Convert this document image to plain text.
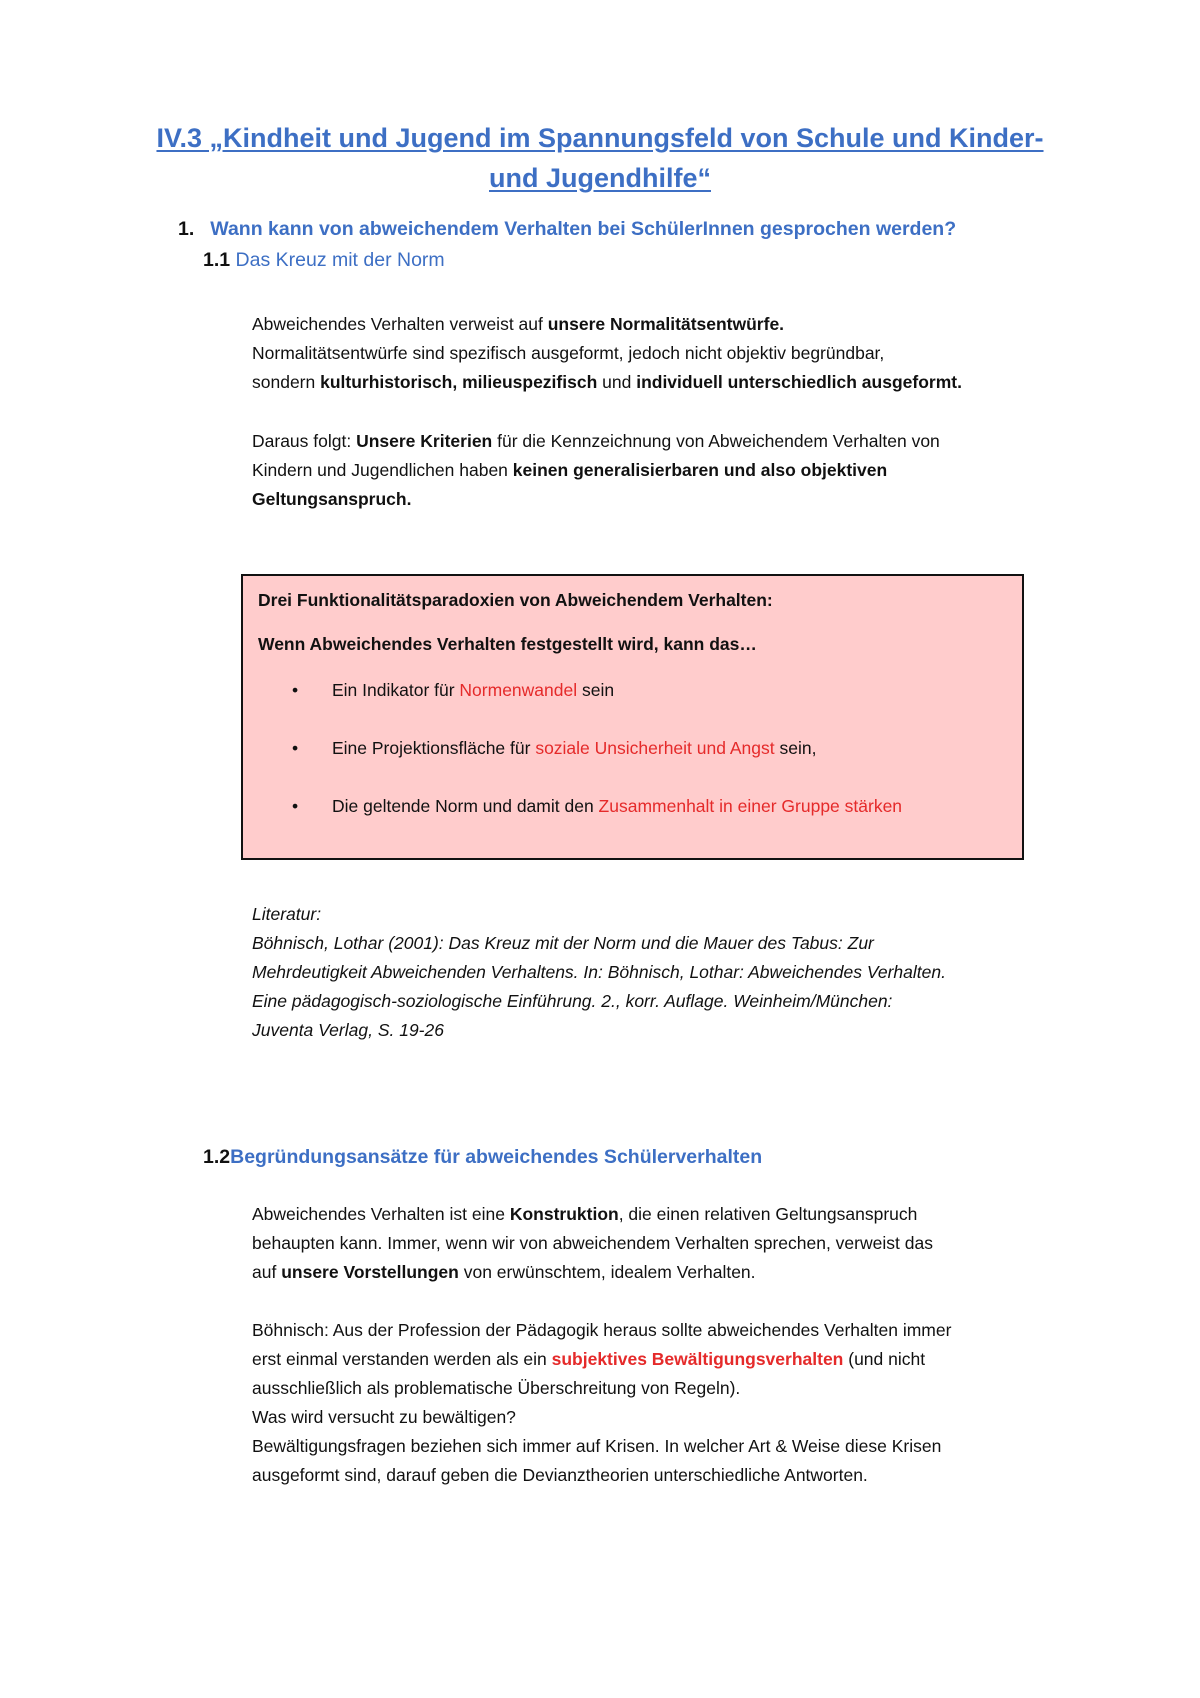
IV.3 „Kindheit und Jugend im Spannungsfeld von Schule und Kinder-
und Jugendhilfe“
1. Wann kann von abweichendem Verhalten bei SchülerInnen gesprochen werden?
1.1 Das Kreuz mit der Norm
Abweichendes Verhalten verweist auf unsere Normalitätsentwürfe.
Normalitätsentwürfe sind spezifisch ausgeformt, jedoch nicht objektiv begründbar,
sondern kulturhistorisch, milieuspezifisch und individuell unterschiedlich ausgeformt.
Daraus folgt: Unsere Kriterien für die Kennzeichnung von Abweichendem Verhalten von
Kindern und Jugendlichen haben keinen generalisierbaren und also objektiven
Geltungsanspruch.
Drei Funktionalitätsparadoxien von Abweichendem Verhalten:
Wenn Abweichendes Verhalten festgestellt wird, kann das…
• Ein Indikator für Normenwandel sein
• Eine Projektionsfläche für soziale Unsicherheit und Angst sein,
• Die geltende Norm und damit den Zusammenhalt in einer Gruppe stärken
Literatur:
Böhnisch, Lothar (2001): Das Kreuz mit der Norm und die Mauer des Tabus: Zur
Mehrdeutigkeit Abweichenden Verhaltens. In: Böhnisch, Lothar: Abweichendes Verhalten.
Eine pädagogisch-soziologische Einführung. 2., korr. Auflage. Weinheim/München:
Juventa Verlag, S. 19-26
1.2Begründungsansätze für abweichendes Schülerverhalten
Abweichendes Verhalten ist eine Konstruktion, die einen relativen Geltungsanspruch
behaupten kann. Immer, wenn wir von abweichendem Verhalten sprechen, verweist das
auf unsere Vorstellungen von erwünschtem, idealem Verhalten.
Böhnisch: Aus der Profession der Pädagogik heraus sollte abweichendes Verhalten immer
erst einmal verstanden werden als ein subjektives Bewältigungsverhalten (und nicht
ausschließlich als problematische Überschreitung von Regeln).
Was wird versucht zu bewältigen?
Bewältigungsfragen beziehen sich immer auf Krisen. In welcher Art & Weise diese Krisen
ausgeformt sind, darauf geben die Devianztheorien unterschiedliche Antworten.
